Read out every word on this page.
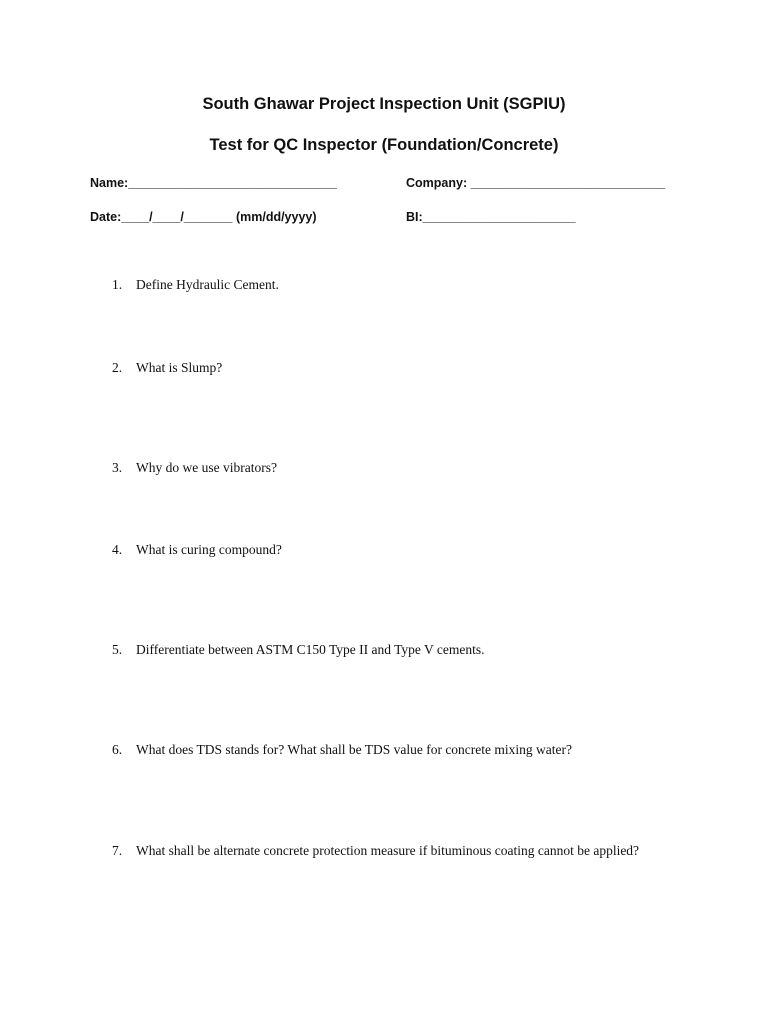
South Ghawar Project Inspection Unit (SGPIU)
Test for QC Inspector (Foundation/Concrete)
Name:______________________________	Company: ____________________________
Date:____/____/_______ (mm/dd/yyyy)	BI:______________________
1. Define Hydraulic Cement.
2. What is Slump?
3. Why do we use vibrators?
4. What is curing compound?
5. Differentiate between ASTM C150 Type II and Type V cements.
6. What does TDS stands for? What shall be TDS value for concrete mixing water?
7. What shall be alternate concrete protection measure if bituminous coating cannot be applied?
